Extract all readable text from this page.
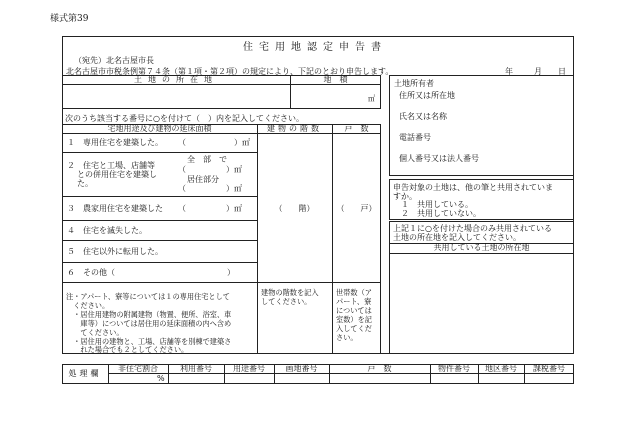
様式第39
住宅用地認定申告書
（宛先）北名古屋市長
北名古屋市市税条例第７４条（第１項・第２項）の規定により、下記のとおり申告します。	年	月 日
土地の所在地	地　積
㎡
土地所有者
住所又は所在地
氏名又は名称
電話番号
個人番号又は法人番号
次のうち該当する番号に○を付けて（　）内を記入してください。
宅地用途及び建物の延床面積	建物の階数	戸　数
１　専用住宅を建築した。 （　　　　　　）㎡
２　住宅と工場、店舗等
との併用住宅を建築し
た。
全　部　で
（　　　　　）㎡
居住部分
（　　　　　）㎡
３　農家用住宅を建築した （　　　　　）㎡
４　住宅を滅失した。
５　住宅以外に転用した。
６　その他（　　　　　　　　　　　　　　）
（　　階）	（　　戸）
注・アパート、寮等については１の専用住宅として
　ください。
　・居住用建物の附属建物（物置、便所、浴室、車
　　庫等）については居住用の延床面積の内へ含め
　　てください。
　・居住用の建物と、工場、店舗等を別棟で建築さ
　　れた場合でも２としてください。
建物の階数を記入
してください。
世帯数（ア
パート、寮
については
室数）を記
入してくだ
さい。
申告対象の土地は、他の筆と共用されていま
すか。
１　共用している。
２　共用していない。
上記１に○を付けた場合のみ共用されている
土地の所在地を記入してください。
共用している土地の所在地
処理欄
非住宅割合	利用番号	用途番号	画地番号	戸　数	物件番号	地区番号	課税番号
%
